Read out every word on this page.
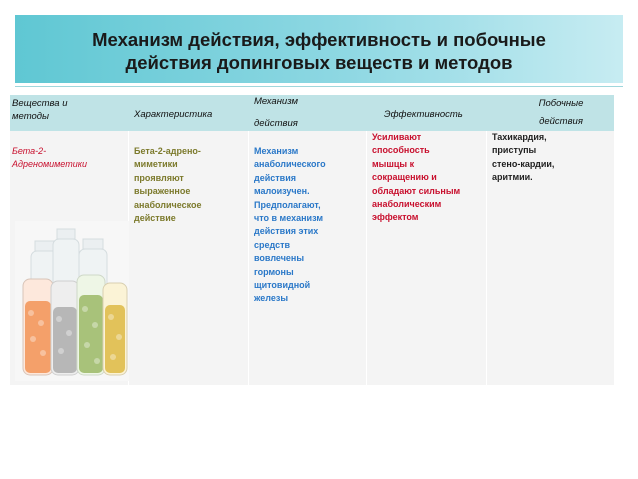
Механизм действия, эффективность и побочные
действия допинговых веществ и методов
Вещества и
методы	Характеристика
Механизм
действия
Эффективность
Побочные
действия
Бета-2-
Адреномиметики
Бета-2-адрено-
миметики
проявляют
выраженное
анаболическое
действие
Механизм
анаболического
действия
малоизучен.
Предполагают,
что в механизм
действия этих
средств
вовлечены
гормоны
щитовидной
железы
Усиливают
способность
мышцы к
сокращению и
обладают сильным
анаболическим
эффектом
Тахикардия,
приступы
стено-кардии,
аритмии.
